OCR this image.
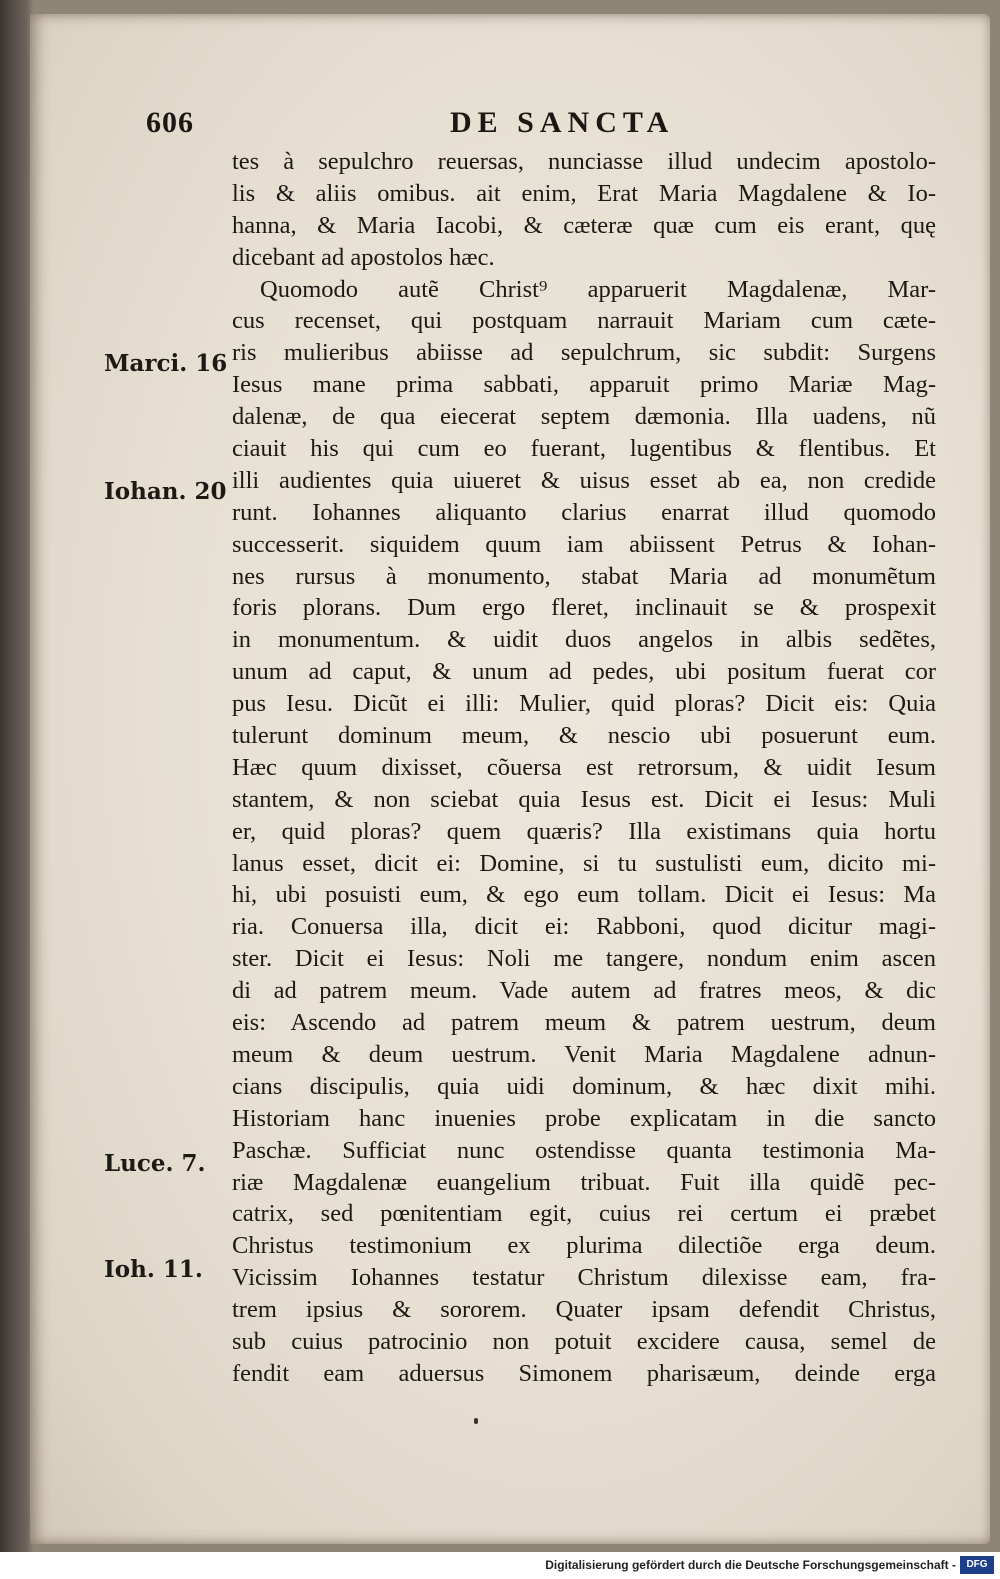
606	DE SANCTA
Marci. 16
Iohan. 20
Luce. 7.
Ioh. 11.
tes à sepulchro reuersas, nunciasse illud undecim apostolo-
lis & aliis omibus. ait enim, Erat Maria Magdalene & Io-
hanna, & Maria Iacobi, & cæteræ quæ cum eis erant, quę
dicebant ad apostolos hæc.
Quomodo autẽ Christ⁹ apparuerit Magdalenæ, Mar-
cus recenset, qui postquam narrauit Mariam cum cæte-
ris mulieribus abiisse ad sepulchrum, sic subdit: Surgens
Iesus mane prima sabbati, apparuit primo Mariæ Mag-
dalenæ, de qua eiecerat septem dæmonia. Illa uadens, nũ
ciauit his qui cum eo fuerant, lugentibus & flentibus. Et
illi audientes quia uiueret & uisus esset ab ea, non credide
runt. Iohannes aliquanto clarius enarrat illud quomodo
successerit. siquidem quum iam abiissent Petrus & Iohan-
nes rursus à monumento, stabat Maria ad monumẽtum
foris plorans. Dum ergo fleret, inclinauit se & prospexit
in monumentum. & uidit duos angelos in albis sedẽtes,
unum ad caput, & unum ad pedes, ubi positum fuerat cor
pus Iesu. Dicũt ei illi: Mulier, quid ploras? Dicit eis: Quia
tulerunt dominum meum, & nescio ubi posuerunt eum.
Hæc quum dixisset, cõuersa est retrorsum, & uidit Iesum
stantem, & non sciebat quia Iesus est. Dicit ei Iesus: Muli
er, quid ploras? quem quæris? Illa existimans quia hortu
lanus esset, dicit ei: Domine, si tu sustulisti eum, dicito mi-
hi, ubi posuisti eum, & ego eum tollam. Dicit ei Iesus: Ma
ria. Conuersa illa, dicit ei: Rabboni, quod dicitur magi-
ster. Dicit ei Iesus: Noli me tangere, nondum enim ascen
di ad patrem meum. Vade autem ad fratres meos, & dic
eis: Ascendo ad patrem meum & patrem uestrum, deum
meum & deum uestrum. Venit Maria Magdalene adnun-
cians discipulis, quia uidi dominum, & hæc dixit mihi.
Historiam hanc inuenies probe explicatam in die sancto
Paschæ. Sufficiat nunc ostendisse quanta testimonia Ma-
riæ Magdalenæ euangelium tribuat. Fuit illa quidẽ pec-
catrix, sed pœnitentiam egit, cuius rei certum ei præbet
Christus testimonium ex plurima dilectiõe erga deum.
Vicissim Iohannes testatur Christum dilexisse eam, fra-
trem ipsius & sororem. Quater ipsam defendit Christus,
sub cuius patrocinio non potuit excidere causa, semel de
fendit eam aduersus Simonem pharisæum, deinde erga
Digitalisierung gefördert durch die Deutsche Forschungsgemeinschaft -	DFG
